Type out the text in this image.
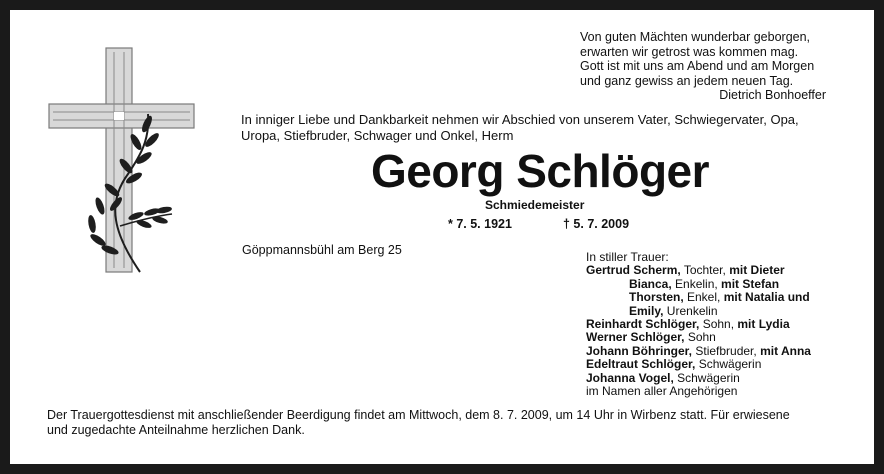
Von guten Mächten wunderbar geborgen,
erwarten wir getrost was kommen mag.
Gott ist mit uns am Abend und am Morgen
und ganz gewiss an jedem neuen Tag.
Dietrich Bonhoeffer
In inniger Liebe und Dankbarkeit nehmen wir Abschied von unserem Vater, Schwiegervater, Opa,
Uropa, Stiefbruder, Schwager und Onkel, Herm
Georg Schlöger
Schmiedemeister
* 7. 5. 1921	† 5. 7. 2009
Göppmannsbühl am Berg 25	In stiller Trauer:
Gertrud Scherm, Tochter, mit Dieter
Bianca, Enkelin, mit Stefan
Thorsten, Enkel, mit Natalia und
Emily, Urenkelin
Reinhardt Schlöger, Sohn, mit Lydia
Werner Schlöger, Sohn
Johann Böhringer, Stiefbruder, mit Anna
Edeltraut Schlöger, Schwägerin
Johanna Vogel, Schwägerin
im Namen aller Angehörigen
Der Trauergottesdienst mit anschließender Beerdigung findet am Mittwoch, dem 8. 7. 2009, um 14 Uhr in Wirbenz statt. Für erwiesene
und zugedachte Anteilnahme herzlichen Dank.
